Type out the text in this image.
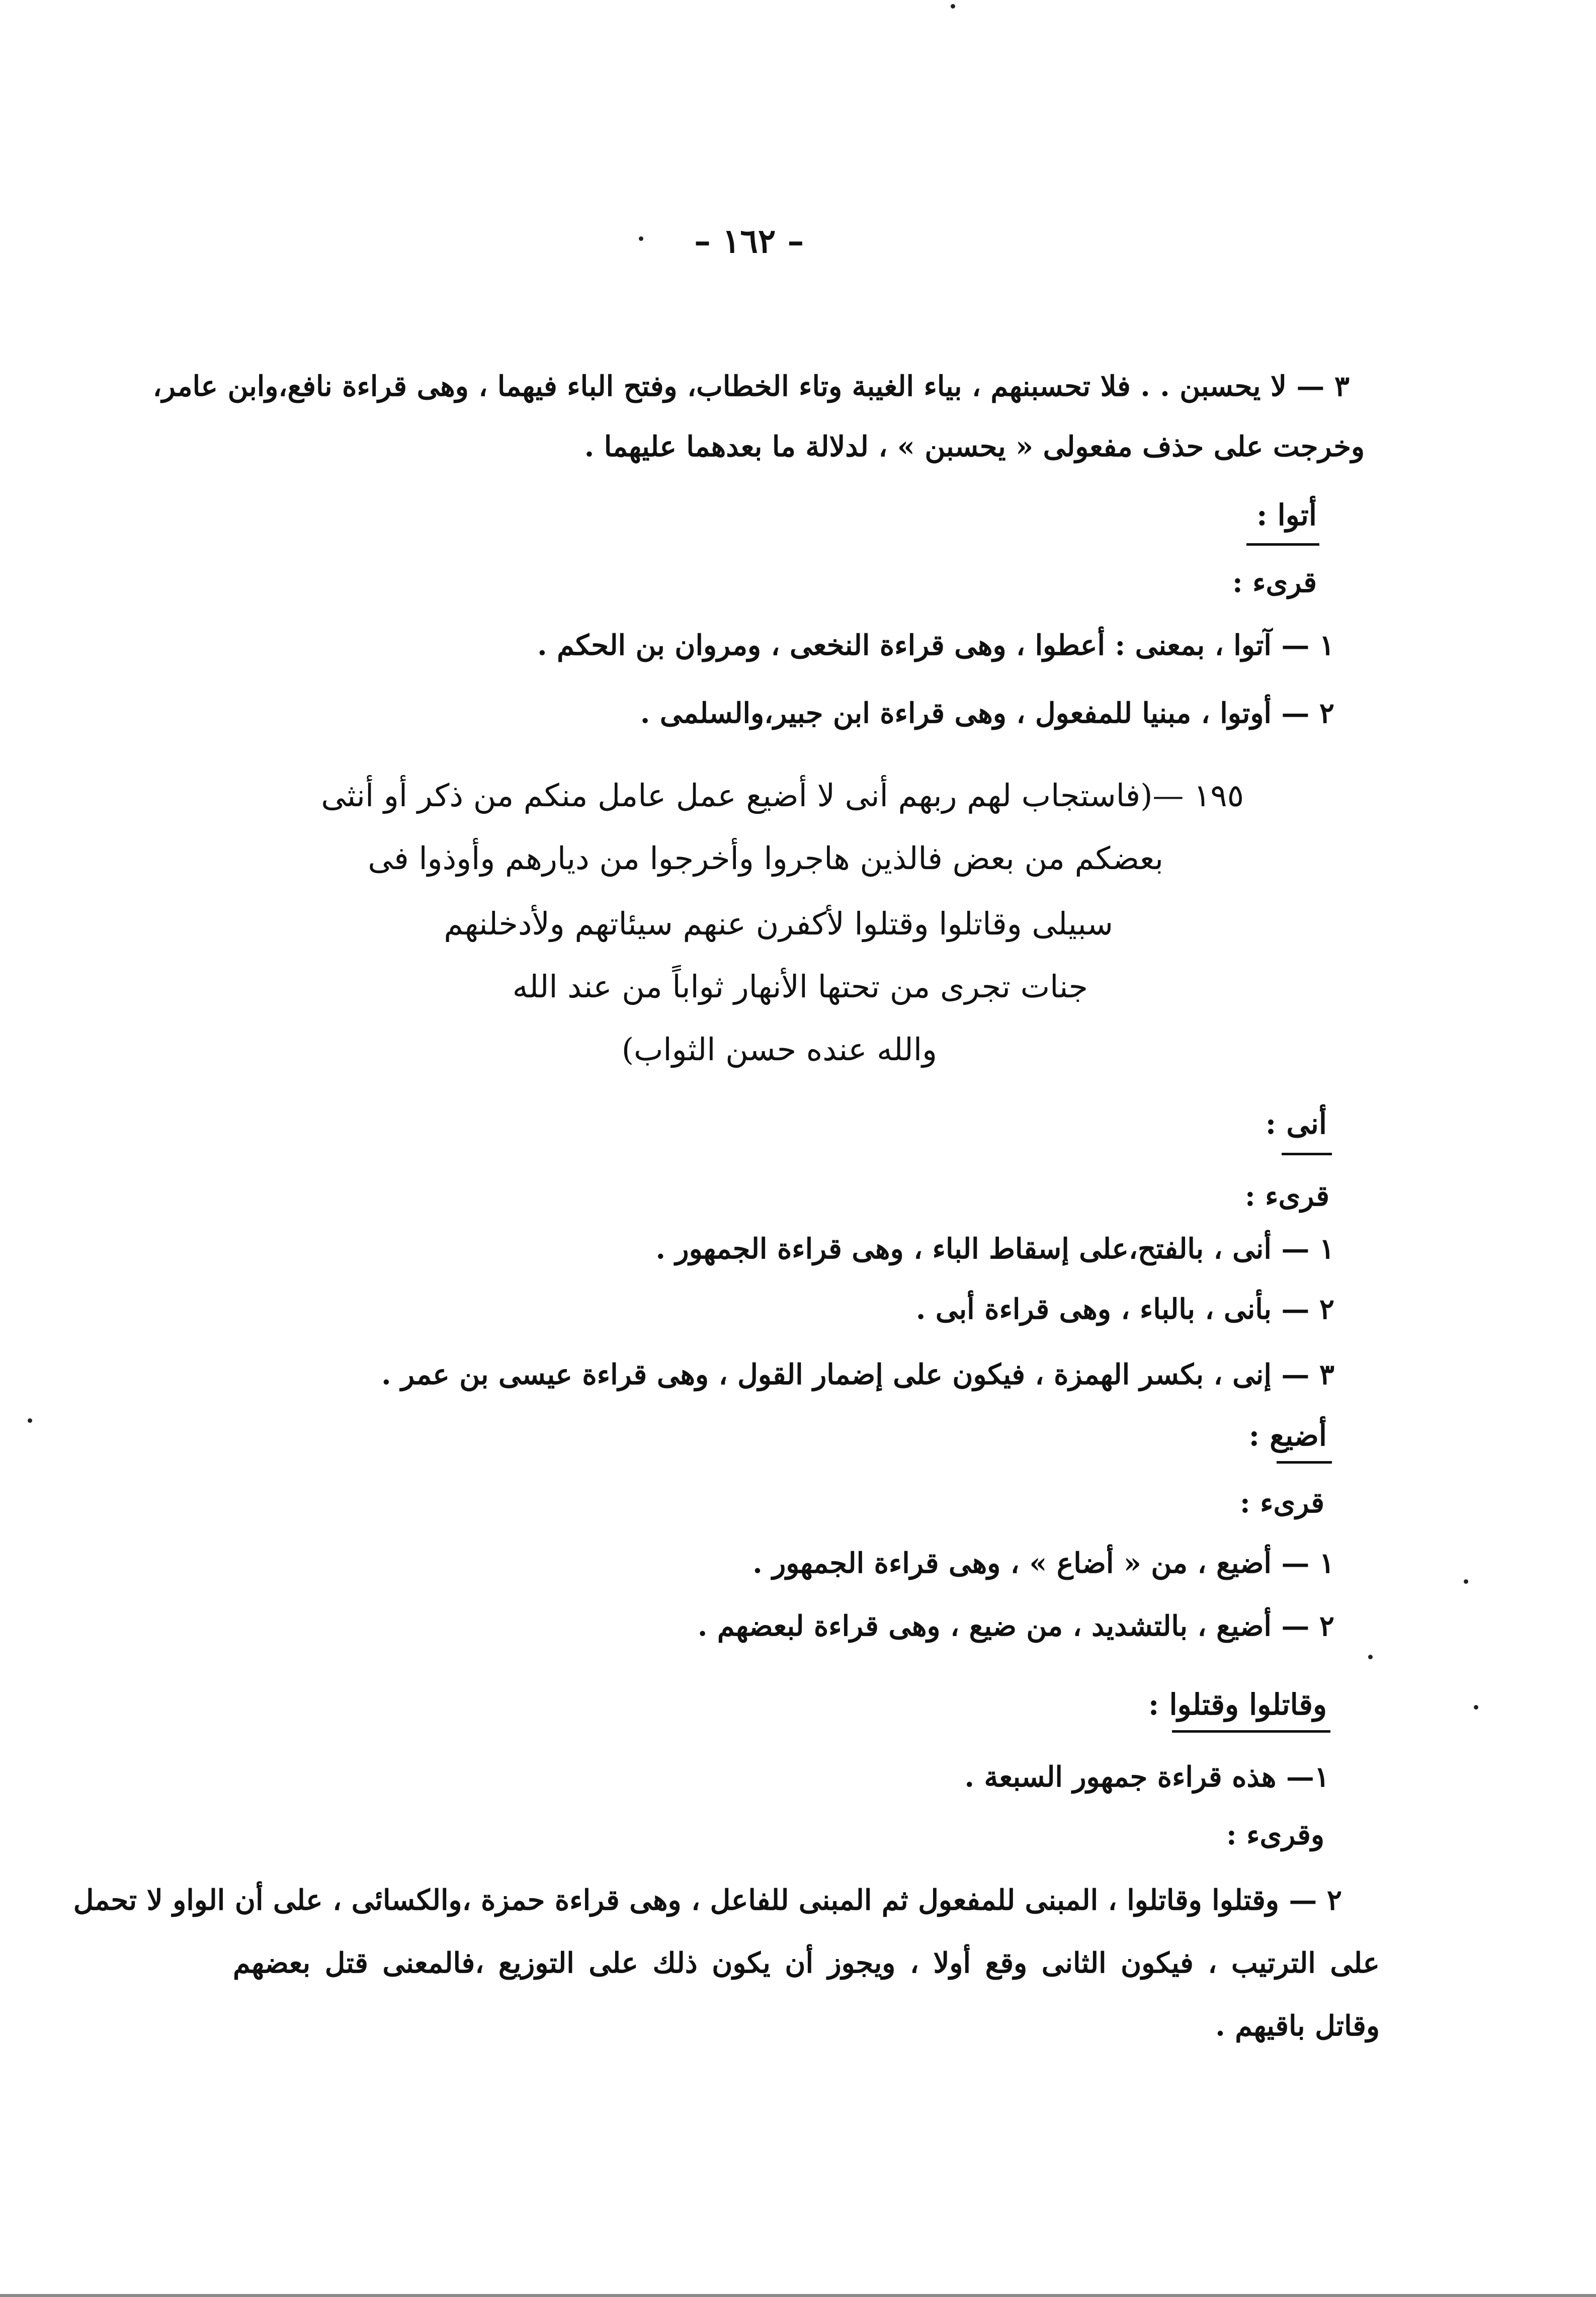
– ١٦٢ –
٣ — لا يحسبن . . فلا تحسبنهم ، بياء الغيبة وتاء الخطاب، وفتح الباء فيهما ، وهى قراءة نافع،وابن عامر،
وخرجت على حذف مفعولى « يحسبن » ، لدلالة ما بعدهما عليهما .
أتوا :
قرىء :
١ — آتوا ، بمعنى : أعطوا ، وهى قراءة النخعى ، ومروان بن الحكم .
٢ — أوتوا ، مبنيا للمفعول ، وهى قراءة ابن جبير،والسلمى .
١٩٥ —(فاستجاب لهم ربهم أنى لا أضيع عمل عامل منكم من ذكر أو أنثى
بعضكم من بعض فالذين هاجروا وأخرجوا من ديارهم وأوذوا فى
سبيلى وقاتلوا وقتلوا لأكفرن عنهم سيئاتهم ولأدخلنهم
جنات تجرى من تحتها الأنهار ثواباً من عند الله
والله عنده حسن الثواب)
أنى :
قرىء :
١ — أنى ، بالفتح،على إسقاط الباء ، وهى قراءة الجمهور .
٢ — بأنى ، بالباء ، وهى قراءة أبى .
٣ — إنى ، بكسر الهمزة ، فيكون على إضمار القول ، وهى قراءة عيسى بن عمر .
أضيع :
قرىء :
١ — أضيع ، من « أضاع » ، وهى قراءة الجمهور .
٢ — أضيع ، بالتشديد ، من ضيع ، وهى قراءة لبعضهم .
وقاتلوا وقتلوا :
١— هذه قراءة جمهور السبعة .
وقرىء :
٢ — وقتلوا وقاتلوا ، المبنى للمفعول ثم المبنى للفاعل ، وهى قراءة حمزة ،والكسائى ، على أن الواو لا تحمل
على الترتيب ، فيكون الثانى وقع أولا ، ويجوز أن يكون ذلك على التوزيع ،فالمعنى قتل بعضهم
وقاتل باقيهم .
